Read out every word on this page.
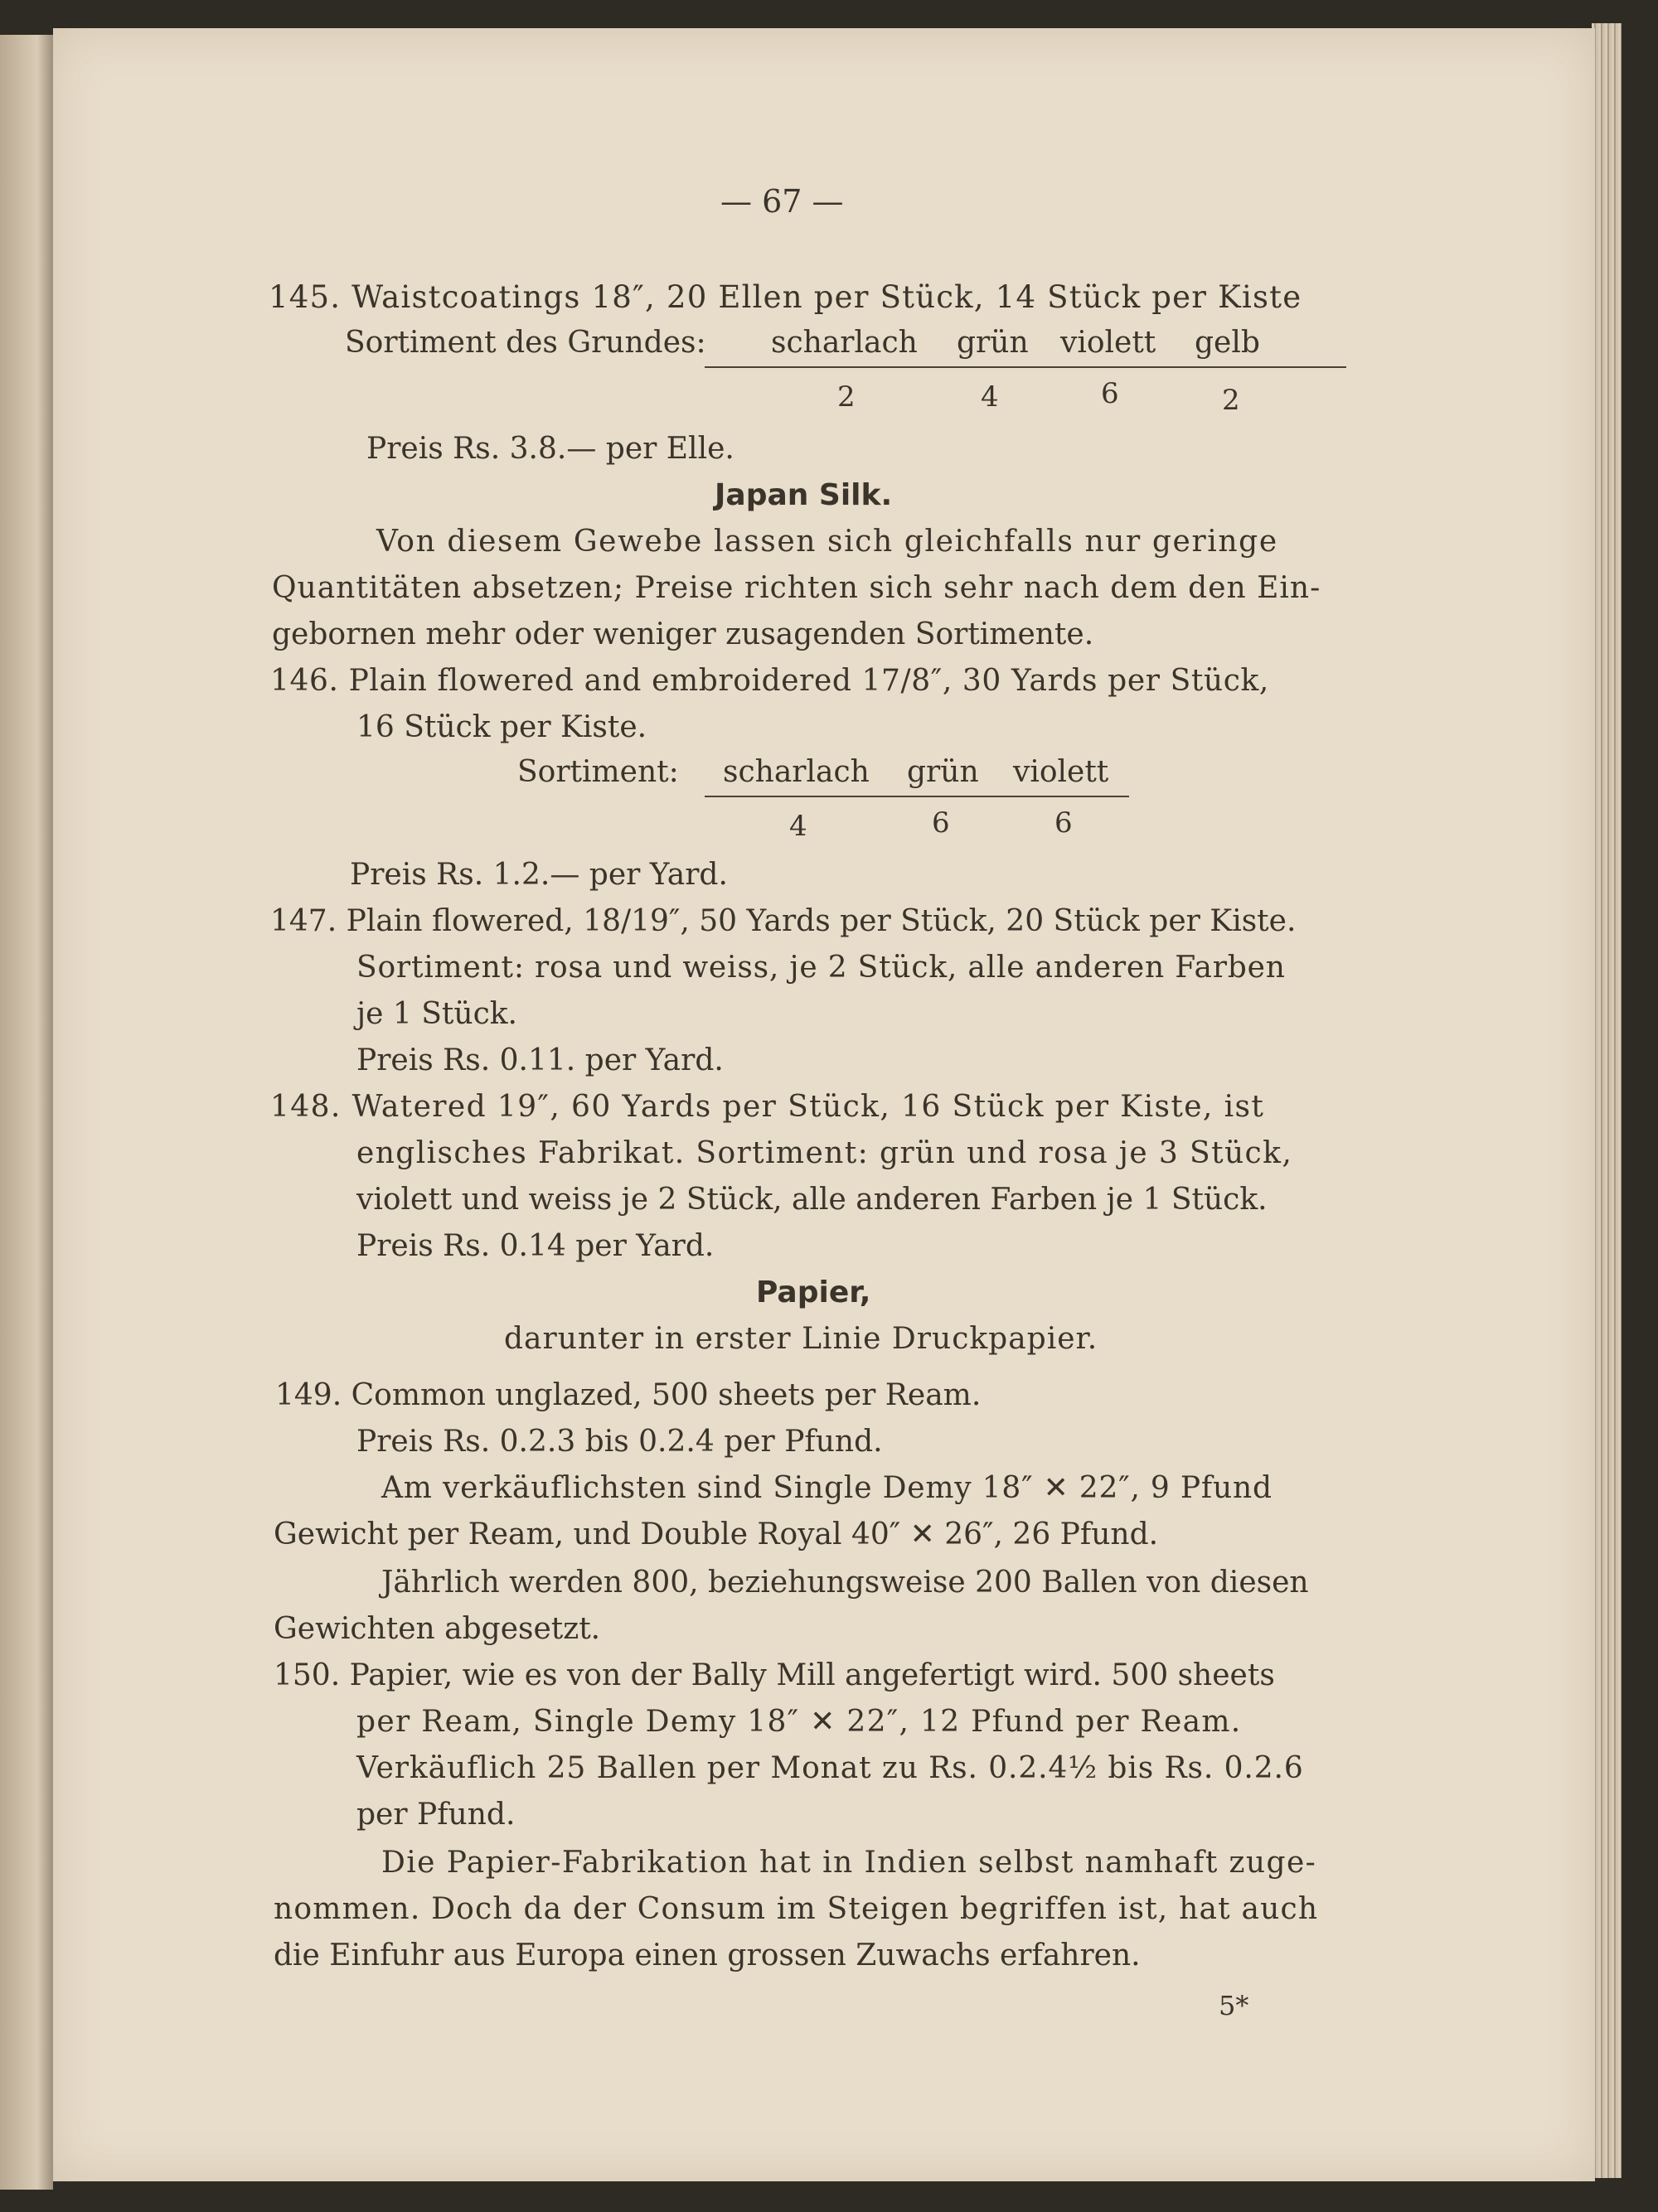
— 67 —
145. Waistcoatings 18″, 20 Ellen per Stück, 14 Stück per Kiste
Sortiment des Grundes: scharlach grün violett gelb
2	4	6	2
Preis Rs. 3.8.— per Elle.
Japan Silk.
Von diesem Gewebe lassen sich gleichfalls nur geringe
Quantitäten absetzen; Preise richten sich sehr nach dem den Ein-
gebornen mehr oder weniger zusagenden Sortimente.
146. Plain flowered and embroidered 17/8″, 30 Yards per Stück,
16 Stück per Kiste.
Sortiment: scharlach grün violett
4	6	6
Preis Rs. 1.2.— per Yard.
147. Plain flowered, 18/19″, 50 Yards per Stück, 20 Stück per Kiste.
Sortiment: rosa und weiss, je 2 Stück, alle anderen Farben
je 1 Stück.
Preis Rs. 0.11. per Yard.
148. Watered 19″, 60 Yards per Stück, 16 Stück per Kiste, ist
englisches Fabrikat. Sortiment: grün und rosa je 3 Stück,
violett und weiss je 2 Stück, alle anderen Farben je 1 Stück.
Preis Rs. 0.14 per Yard.
Papier,
darunter in erster Linie Druckpapier.
149. Common unglazed, 500 sheets per Ream.
Preis Rs. 0.2.3 bis 0.2.4 per Pfund.
Am verkäuflichsten sind Single Demy 18″ ✕ 22″, 9 Pfund
Gewicht per Ream, und Double Royal 40″ ✕ 26″, 26 Pfund.
Jährlich werden 800, beziehungsweise 200 Ballen von diesen
Gewichten abgesetzt.
150. Papier, wie es von der Bally Mill angefertigt wird. 500 sheets
per Ream, Single Demy 18″ ✕ 22″, 12 Pfund per Ream.
Verkäuflich 25 Ballen per Monat zu Rs. 0.2.4½ bis Rs. 0.2.6
per Pfund.
Die Papier-Fabrikation hat in Indien selbst namhaft zuge-
nommen. Doch da der Consum im Steigen begriffen ist, hat auch
die Einfuhr aus Europa einen grossen Zuwachs erfahren.
5*
